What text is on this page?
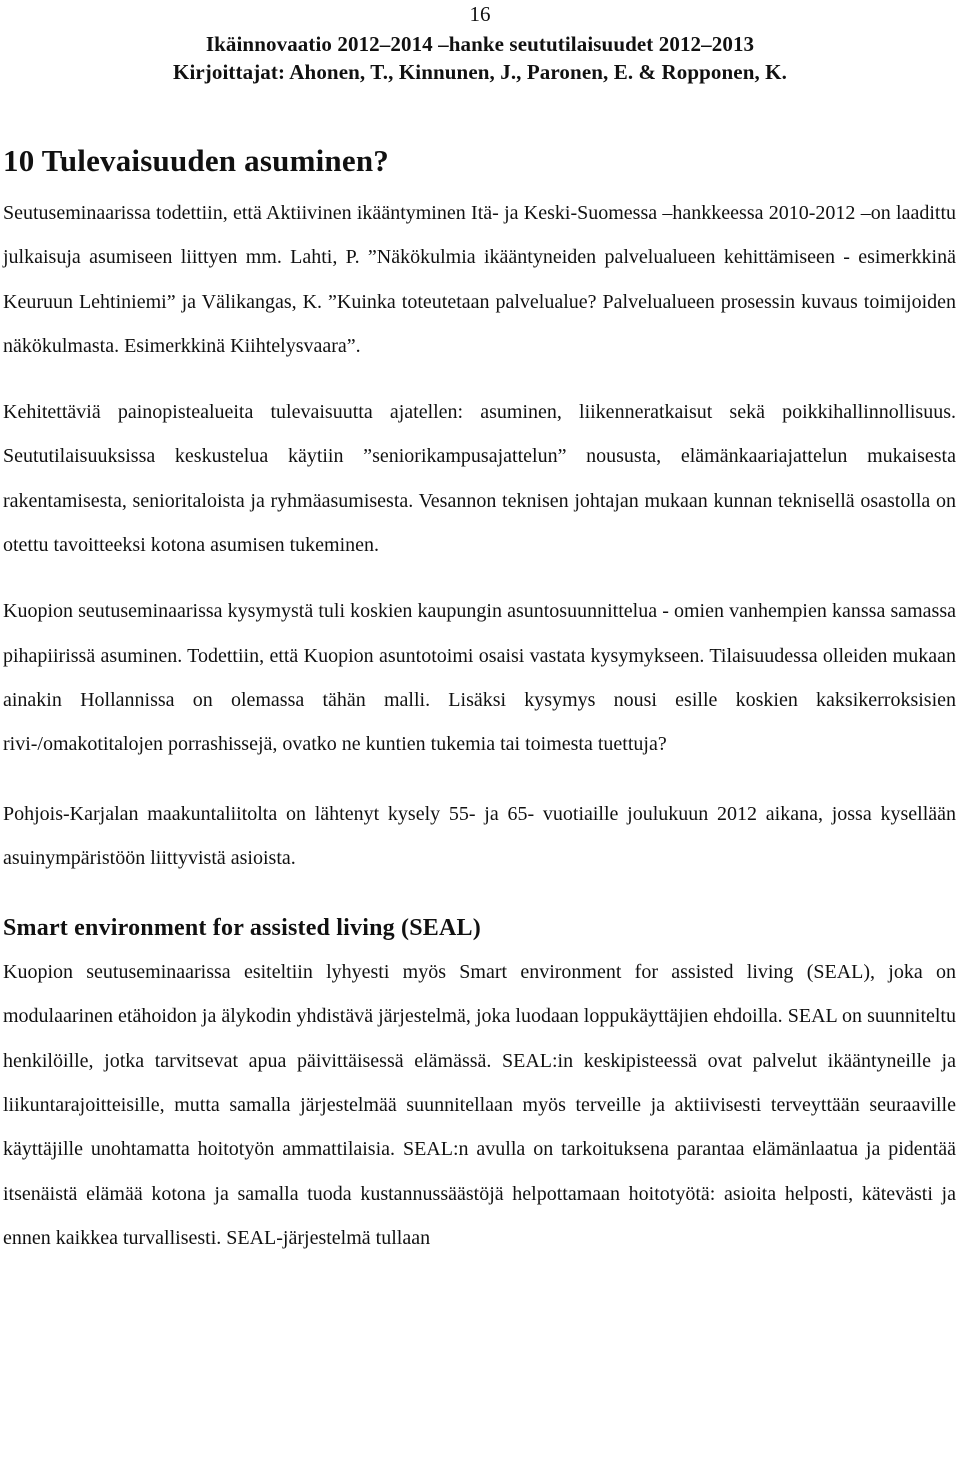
16
Ikäinnovaatio 2012–2014 –hanke seututilaisuudet 2012–2013
Kirjoittajat: Ahonen, T., Kinnunen, J., Paronen, E. & Ropponen, K.
10 Tulevaisuuden asuminen?

Seutuseminaarissa todettiin, että Aktiivinen ikääntyminen Itä- ja Keski-Suomessa –hankkeessa 2010-2012 –on laadittu julkaisuja asumiseen liittyen mm. Lahti, P. ”Näkökulmia ikääntyneiden palvelualueen kehittämiseen - esimerkkinä Keuruun Lehtiniemi” ja Välikangas, K. ”Kuinka toteutetaan palvelualue? Palvelualueen prosessin kuvaus toimijoiden näkökulmasta. Esimerkkinä Kiihtelysvaara”.

Kehitettäviä painopistealueita tulevaisuutta ajatellen: asuminen, liikenneratkaisut sekä poikkihallinnollisuus. Seututilaisuuksissa keskustelua käytiin ”seniorikampusajattelun” noususta, elämänkaariajattelun mukaisesta rakentamisesta, senioritaloista ja ryhmäasumisesta. Vesannon teknisen johtajan mukaan kunnan teknisellä osastolla on otettu tavoitteeksi kotona asumisen tukeminen.

Kuopion seutuseminaarissa kysymystä tuli koskien kaupungin asuntosuunnittelua - omien vanhempien kanssa samassa pihapiirissä asuminen. Todettiin, että Kuopion asuntotoimi osaisi vastata kysymykseen. Tilaisuudessa olleiden mukaan ainakin Hollannissa on olemassa tähän malli. Lisäksi kysymys nousi esille koskien kaksikerroksisien rivi-/omakotitalojen porrashissejä, ovatko ne kuntien tukemia tai toimesta tuettuja?

Pohjois-Karjalan maakuntaliitolta on lähtenyt kysely 55- ja 65- vuotiaille joulukuun 2012 aikana, jossa kysellään asuinympäristöön liittyvistä asioista.

Smart environment for assisted living (SEAL)

Kuopion seutuseminaarissa esiteltiin lyhyesti myös Smart environment for assisted living (SEAL), joka on modulaarinen etähoidon ja älykodin yhdistävä järjestelmä, joka luodaan loppukäyttäjien ehdoilla. SEAL on suunniteltu henkilöille, jotka tarvitsevat apua päivittäisessä elämässä. SEAL:in keskipisteessä ovat palvelut ikääntyneille ja liikuntarajoitteisille, mutta samalla järjestelmää suunnitellaan myös terveille ja aktiivisesti terveyttään seuraaville käyttäjille unohtamatta hoitotyön ammattilaisia. SEAL:n avulla on tarkoituksena parantaa elämänlaatua ja pidentää itsenäistä elämää kotona ja samalla tuoda kustannussäästöjä helpottamaan hoitotyötä: asioita helposti, kätevästi ja ennen kaikkea turvallisesti. SEAL-järjestelmä tullaan
